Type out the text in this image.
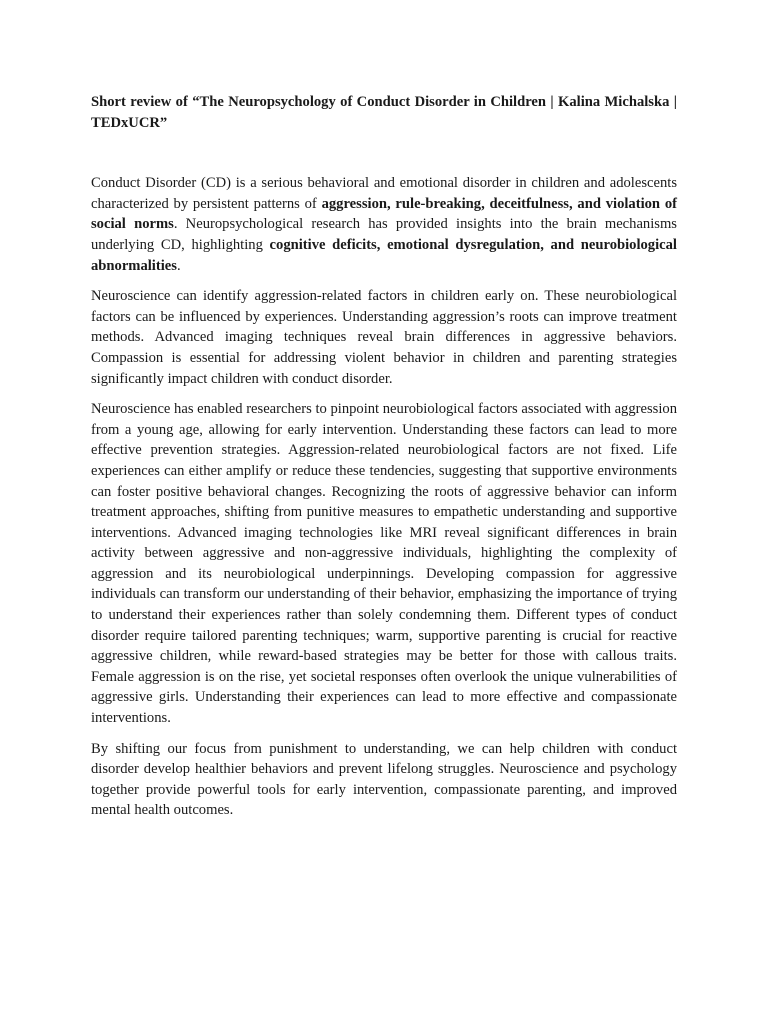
Short review of “The Neuropsychology of Conduct Disorder in Children | Kalina Michalska | TEDxUCR”

Conduct Disorder (CD) is a serious behavioral and emotional disorder in children and adolescents characterized by persistent patterns of aggression, rule-breaking, deceitfulness, and violation of social norms. Neuropsychological research has provided insights into the brain mechanisms underlying CD, highlighting cognitive deficits, emotional dysregulation, and neurobiological abnormalities.

Neuroscience can identify aggression-related factors in children early on. These neurobiological factors can be influenced by experiences. Understanding aggression’s roots can improve treatment methods. Advanced imaging techniques reveal brain differences in aggressive behaviors. Compassion is essential for addressing violent behavior in children and parenting strategies significantly impact children with conduct disorder.

Neuroscience has enabled researchers to pinpoint neurobiological factors associated with aggression from a young age, allowing for early intervention. Understanding these factors can lead to more effective prevention strategies. Aggression-related neurobiological factors are not fixed. Life experiences can either amplify or reduce these tendencies, suggesting that supportive environments can foster positive behavioral changes. Recognizing the roots of aggressive behavior can inform treatment approaches, shifting from punitive measures to empathetic understanding and supportive interventions. Advanced imaging technologies like MRI reveal significant differences in brain activity between aggressive and non-aggressive individuals, highlighting the complexity of aggression and its neurobiological underpinnings. Developing compassion for aggressive individuals can transform our understanding of their behavior, emphasizing the importance of trying to understand their experiences rather than solely condemning them. Different types of conduct disorder require tailored parenting techniques; warm, supportive parenting is crucial for reactive aggressive children, while reward-based strategies may be better for those with callous traits. Female aggression is on the rise, yet societal responses often overlook the unique vulnerabilities of aggressive girls. Understanding their experiences can lead to more effective and compassionate interventions.

By shifting our focus from punishment to understanding, we can help children with conduct disorder develop healthier behaviors and prevent lifelong struggles. Neuroscience and psychology together provide powerful tools for early intervention, compassionate parenting, and improved mental health outcomes.
